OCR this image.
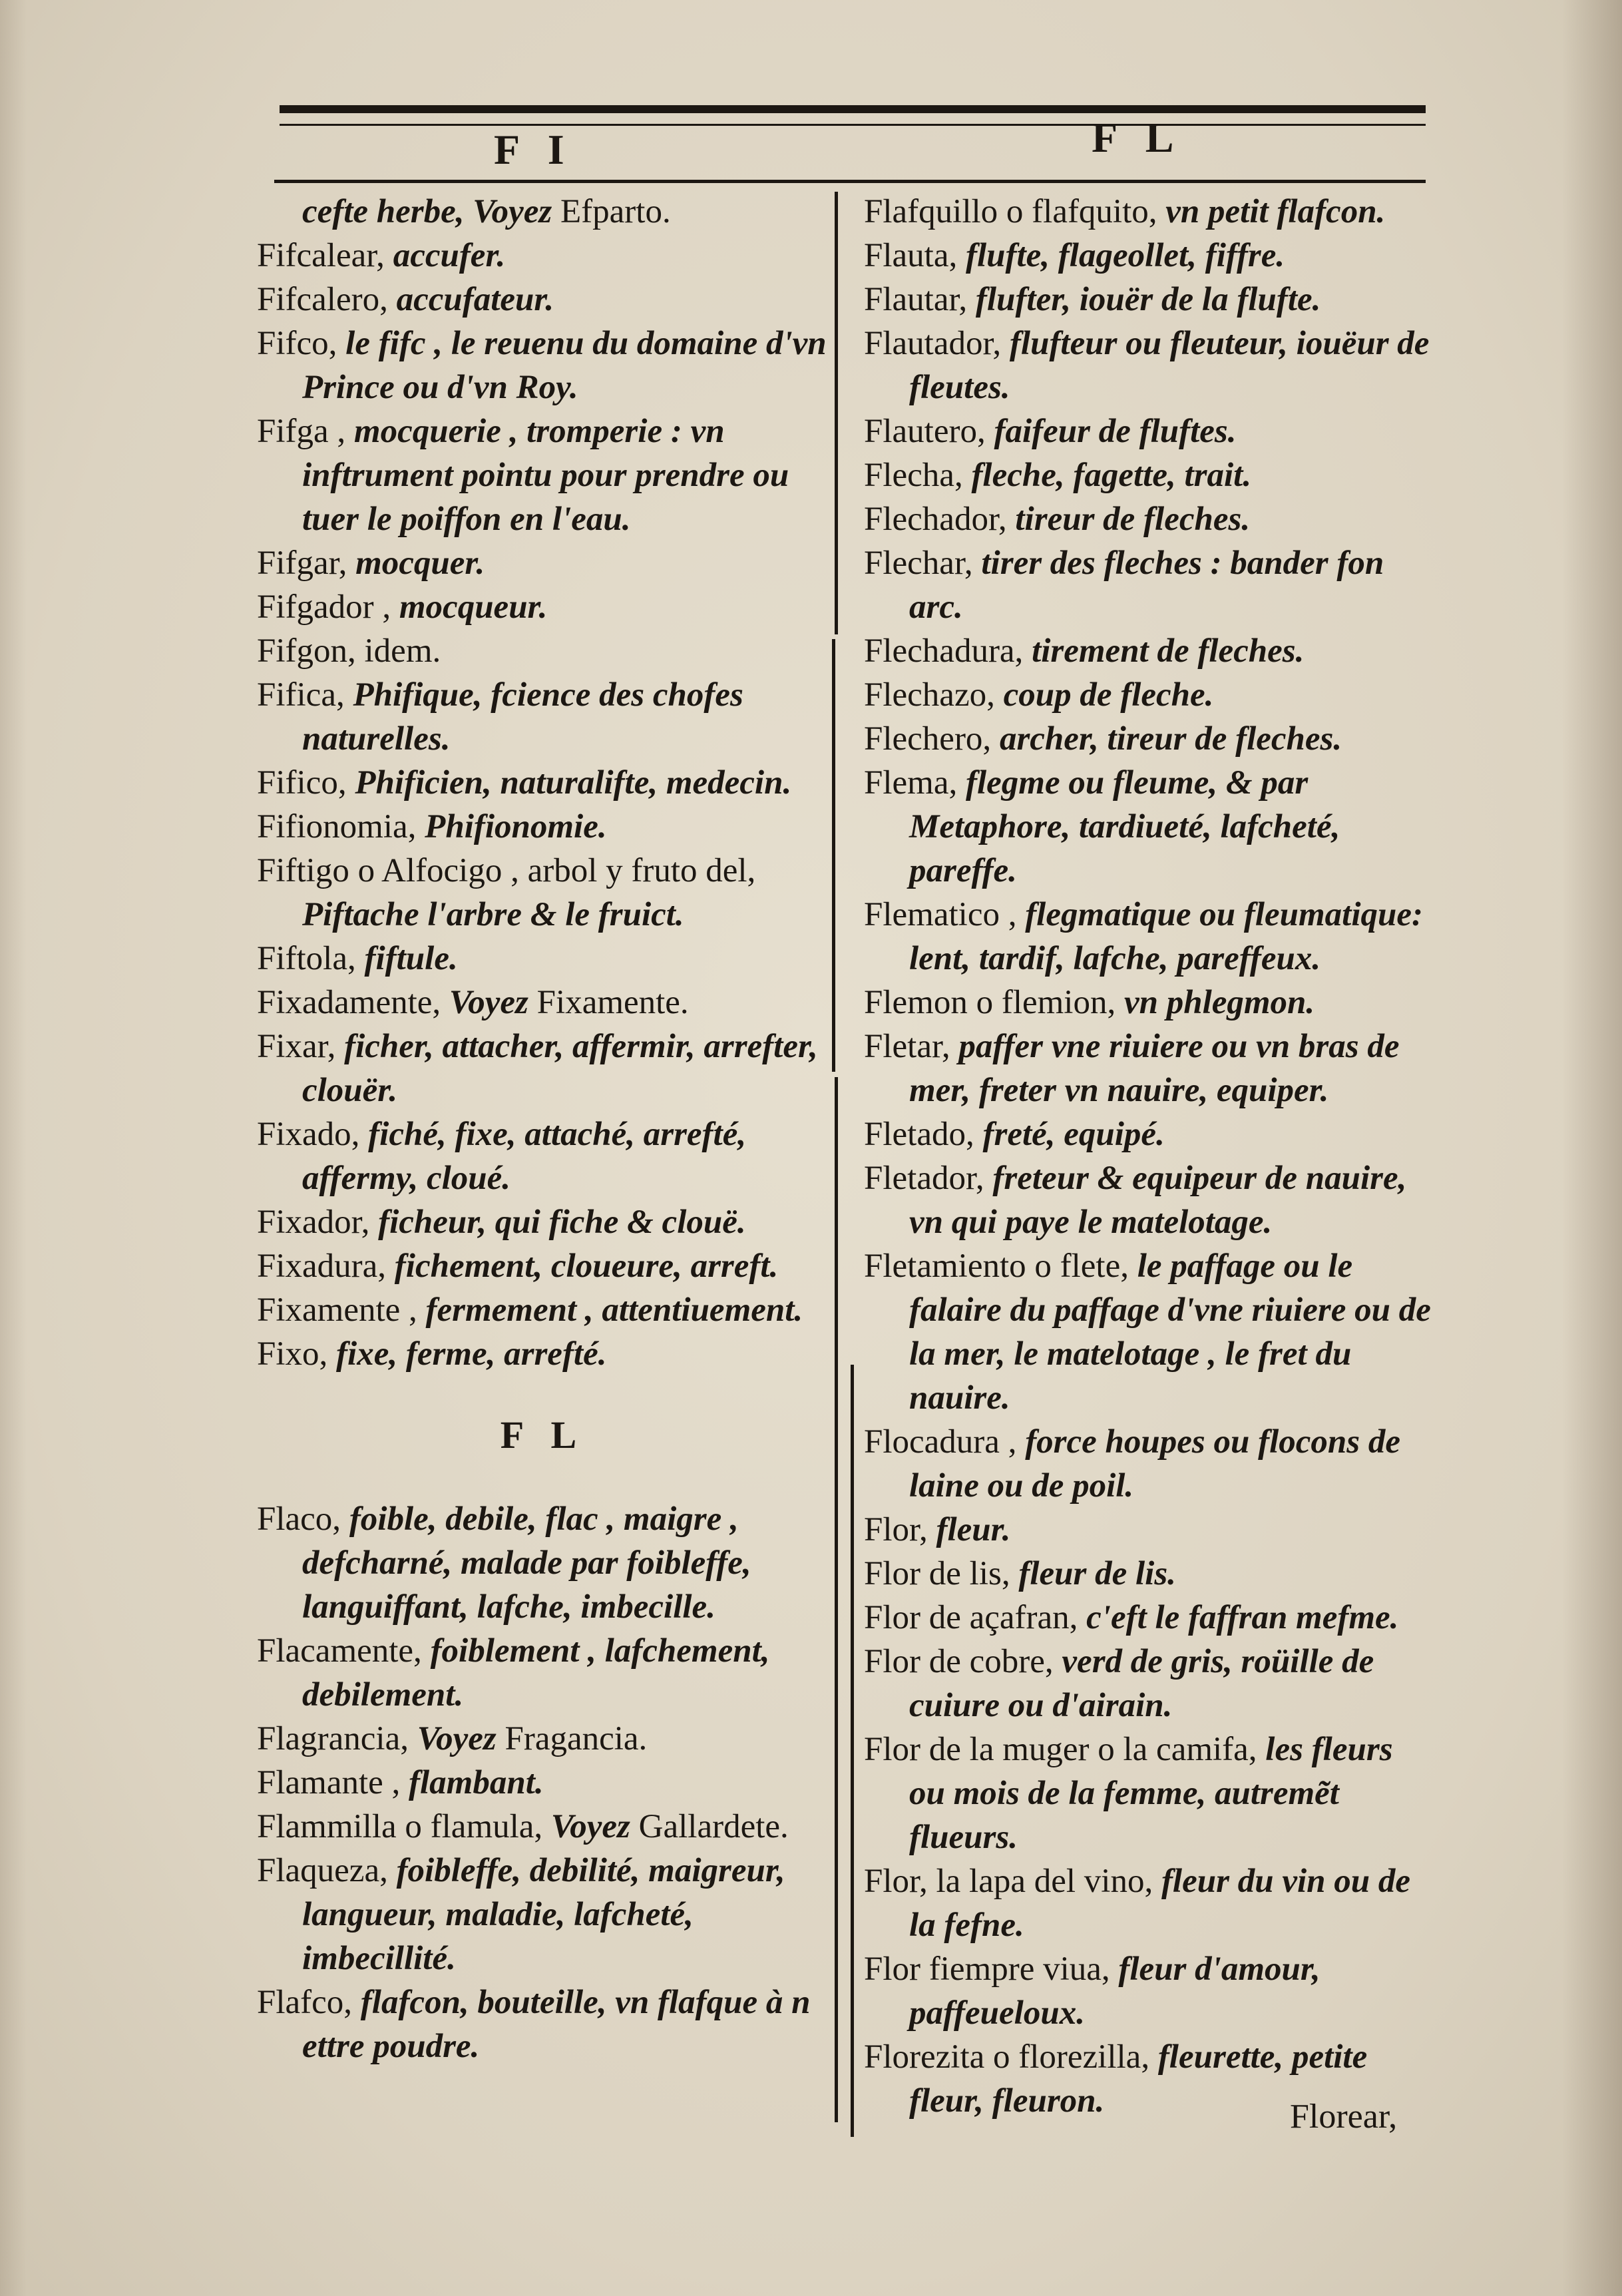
F I	F L

cefte herbe, Voyez Efparto.

Fifcalear, accufer.

Fifcalero, accufateur.

Fifco, le fifc , le reuenu du domaine d'vn Prince ou d'vn Roy.

Fifga , mocquerie , tromperie : vn inftrument pointu pour prendre ou tuer le poiffon en l'eau.

Fifgar, mocquer.

Fifgador , mocqueur.

Fifgon, idem.

Fifica, Phifique, fcience des chofes naturelles.

Fifico, Phificien, naturalifte, medecin.

Fifionomia, Phifionomie.

Fiftigo o Alfocigo , arbol y fruto del, Piftache l'arbre & le fruict.

Fiftola, fiftule.

Fixadamente, Voyez Fixamente.

Fixar, ficher, attacher, affermir, arrefter, clouër.

Fixado, fiché, fixe, attaché, arrefté, affermy, cloué.

Fixador, ficheur, qui fiche & clouë.

Fixadura, fichement, cloueure, arreft.

Fixamente , fermement , attentiuement.

Fixo, fixe, ferme, arrefté.

F L

Flaco, foible, debile, flac , maigre , defcharné, malade par foibleffe, languiffant, lafche, imbecille.

Flacamente, foiblement , lafchement, debilement.

Flagrancia, Voyez Fragancia.

Flamante , flambant.

Flammilla o flamula, Voyez Gallardete.

Flaqueza, foibleffe, debilité, maigreur, langueur, maladie, lafcheté, imbecillité.

Flafco, flafcon, bouteille, vn flafque à n ettre poudre.

Flafquillo o flafquito, vn petit flafcon.

Flauta, flufte, flageollet, fiffre.

Flautar, flufter, iouër de la flufte.

Flautador, flufteur ou fleuteur, iouëur de fleutes.

Flautero, faifeur de fluftes.

Flecha, fleche, fagette, trait.

Flechador, tireur de fleches.

Flechar, tirer des fleches : bander fon arc.

Flechadura, tirement de fleches.

Flechazo, coup de fleche.

Flechero, archer, tireur de fleches.

Flema, flegme ou fleume, & par Metaphore, tardiueté, lafcheté, pareffe.

Flematico , flegmatique ou fleumatique: lent, tardif, lafche, pareffeux.

Flemon o flemion, vn phlegmon.

Fletar, paffer vne riuiere ou vn bras de mer, freter vn nauire, equiper.

Fletado, freté, equipé.

Fletador, freteur & equipeur de nauire, vn qui paye le matelotage.

Fletamiento o flete, le paffage ou le falaire du paffage d'vne riuiere ou de la mer, le matelotage , le fret du nauire.

Flocadura , force houpes ou flocons de laine ou de poil.

Flor, fleur.

Flor de lis, fleur de lis.

Flor de açafran, c'eft le faffran mefme.

Flor de cobre, verd de gris, roüille de cuiure ou d'airain.

Flor de la muger o la camifa, les fleurs ou mois de la femme, autremẽt flueurs.

Flor, la lapa del vino, fleur du vin ou de la fefne.

Flor fiempre viua, fleur d'amour, paffeueloux.

Florezita o florezilla, fleurette, petite fleur, fleuron.	Florear,
